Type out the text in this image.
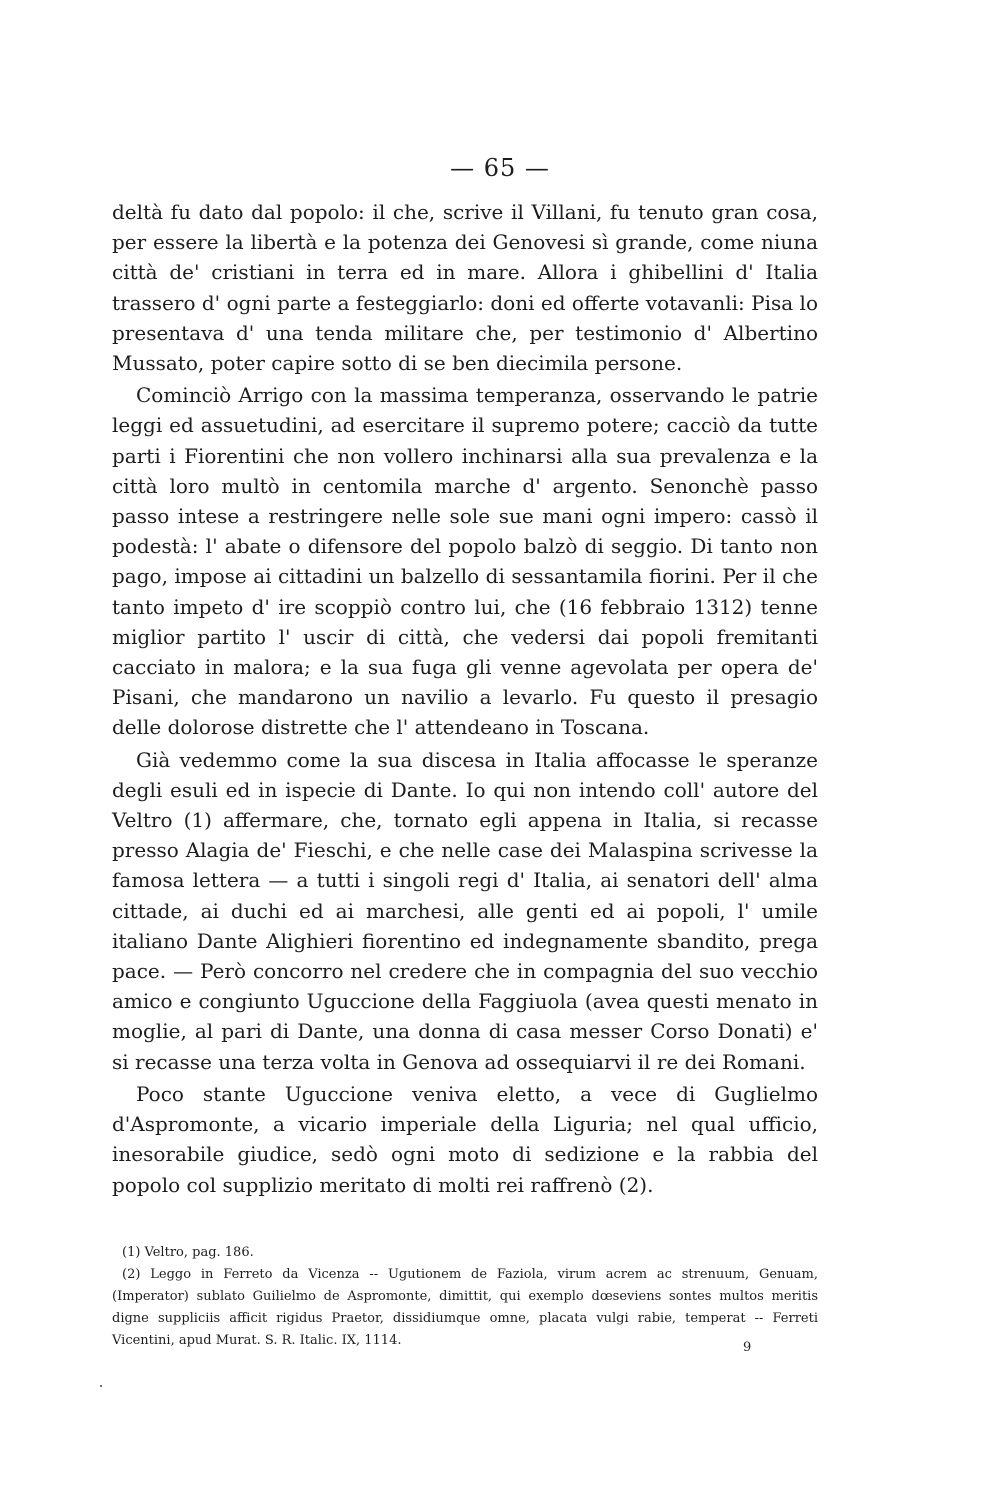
— 65 —

deltà fu dato dal popolo: il che, scrive il Villani, fu tenuto gran cosa, per essere la libertà e la potenza dei Genovesi sì grande, come niuna città de' cristiani in terra ed in mare. Allora i ghibellini d' Italia trassero d' ogni parte a festeggiarlo: doni ed offerte votavanli: Pisa lo presentava d' una tenda militare che, per testimonio d' Albertino Mussato, poter capire sotto di se ben diecimila persone.

Cominciò Arrigo con la massima temperanza, osservando le patrie leggi ed assuetudini, ad esercitare il supremo potere; cacciò da tutte parti i Fiorentini che non vollero inchinarsi alla sua prevalenza e la città loro multò in centomila marche d' argento. Senonchè passo passo intese a restringere nelle sole sue mani ogni impero: cassò il podestà: l' abate o difensore del popolo balzò di seggio. Di tanto non pago, impose ai cittadini un balzello di sessantamila fiorini. Per il che tanto impeto d' ire scoppiò contro lui, che (16 febbraio 1312) tenne miglior partito l' uscir di città, che vedersi dai popoli fremitanti cacciato in malora; e la sua fuga gli venne agevolata per opera de' Pisani, che mandarono un navilio a levarlo. Fu questo il presagio delle dolorose distrette che l' attendeano in Toscana.

Già vedemmo come la sua discesa in Italia affocasse le speranze degli esuli ed in ispecie di Dante. Io qui non intendo coll' autore del Veltro (1) affermare, che, tornato egli appena in Italia, si recasse presso Alagia de' Fieschi, e che nelle case dei Malaspina scrivesse la famosa lettera — a tutti i singoli regi d' Italia, ai senatori dell' alma cittade, ai duchi ed ai marchesi, alle genti ed ai popoli, l' umile italiano Dante Alighieri fiorentino ed indegnamente sbandito, prega pace. — Però concorro nel credere che in compagnia del suo vecchio amico e congiunto Uguccione della Faggiuola (avea questi menato in moglie, al pari di Dante, una donna di casa messer Corso Donati) e' si recasse una terza volta in Genova ad ossequiarvi il re dei Romani.

Poco stante Uguccione veniva eletto, a vece di Guglielmo d'Aspromonte, a vicario imperiale della Liguria; nel qual ufficio, inesorabile giudice, sedò ogni moto di sedizione e la rabbia del popolo col supplizio meritato di molti rei raffrenò (2).

(1) Veltro, pag. 186.

(2) Leggo in Ferreto da Vicenza -- Ugutionem de Faziola, virum acrem ac strenuum, Genuam, (Imperator) sublato Guilielmo de Aspromonte, dimittit, qui exemplo dœseviens sontes multos meritis digne suppliciis afficit rigidus Praetor, dissidiumque omne, placata vulgi rabie, temperat -- Ferreti Vicentini, apud Murat. S. R. Italic. IX, 1114.	9
